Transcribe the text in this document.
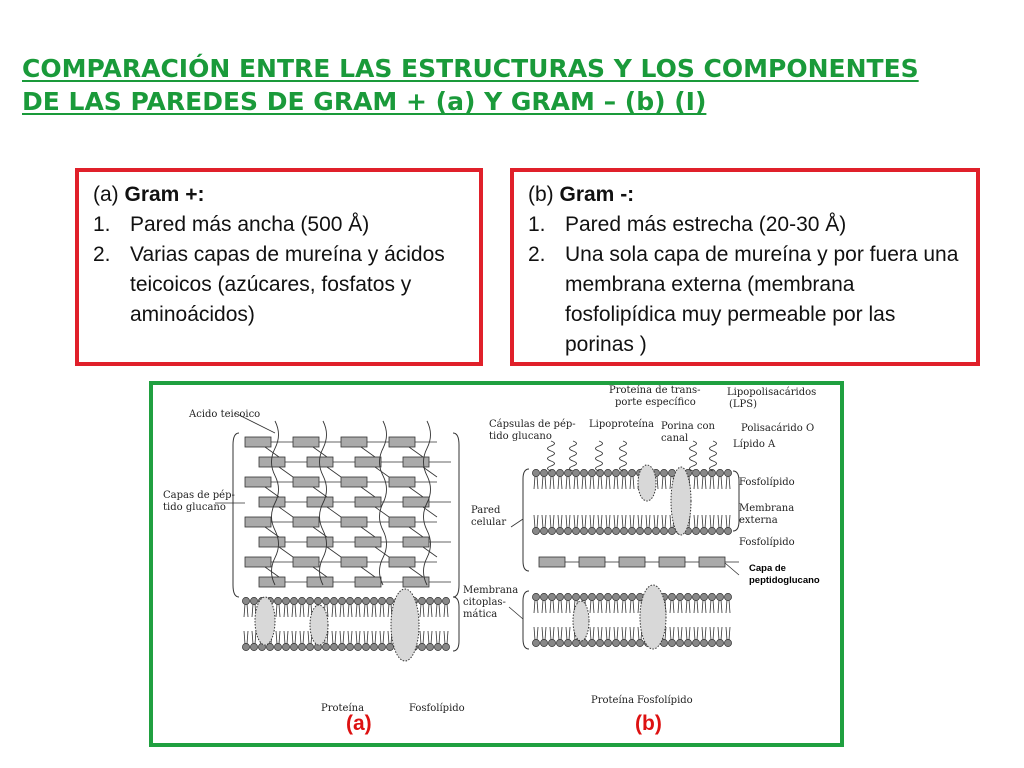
COMPARACIÓN ENTRE LAS ESTRUCTURAS Y LOS COMPONENTES
DE LAS PAREDES DE GRAM + (a) Y GRAM – (b) (I)
(a) Gram +:
1. Pared más ancha (500 Å)
2. Varias capas de mureína y ácidos teicoicos (azúcares, fosfatos y aminoácidos)
(b) Gram -:
1. Pared más estrecha (20-30 Å)
2. Una sola capa de mureína y por fuera una membrana externa (membrana fosfolipídica muy permeable por las porinas )
Acido teicoico
Capas de pép-
tido glucano	Pared
celular
Membrana
citoplas-
mática
Proteína	Fosfolípido
Cápsulas de pép-
tido glucano
Proteína de trans-
porte específico
Lipoproteína Porina con
canal
Lipopolisacáridos
(LPS)
Polisacárido O
Lípido A
Fosfolípido
Membrana
externa
Fosfolípido
Capa de
peptidoglucano
Proteína Fosfolípido
(a)	(b)
